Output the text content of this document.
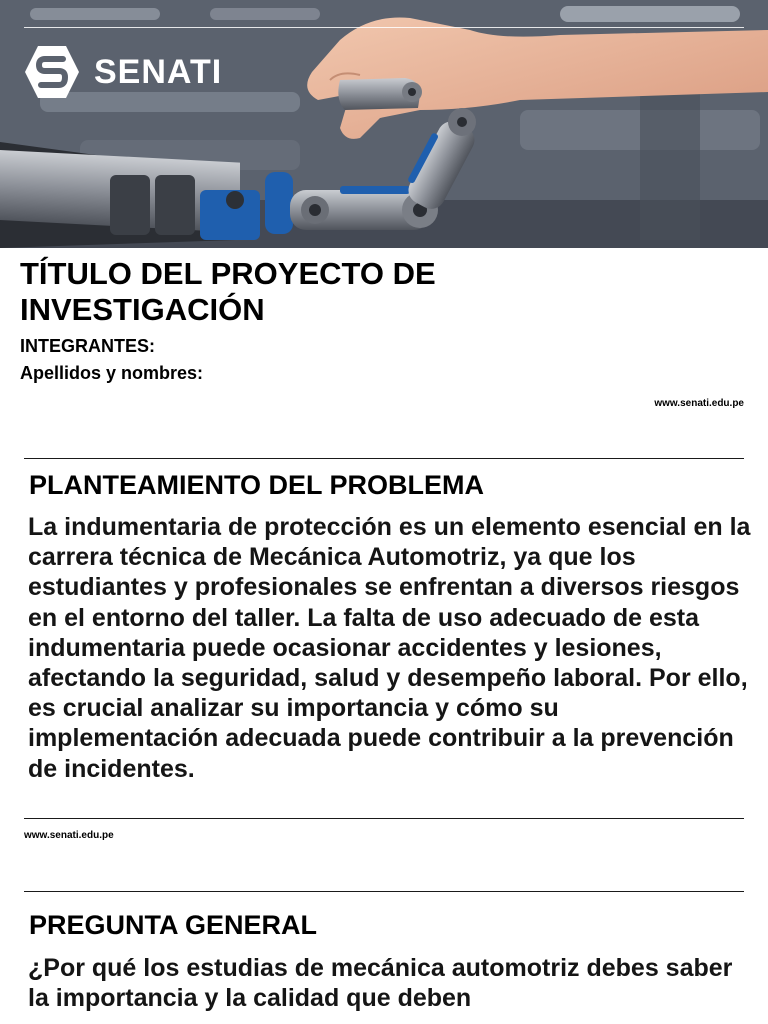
SENATI
TÍTULO DEL PROYECTO DE INVESTIGACIÓN

INTEGRANTES:

Apellidos y nombres:

www.senati.edu.pe
PLANTEAMIENTO DEL PROBLEMA

La indumentaria de protección es un elemento esencial en la carrera técnica de Mecánica Automotriz, ya que los estudiantes y profesionales se enfrentan a diversos riesgos en el entorno del taller. La falta de uso adecuado de esta indumentaria puede ocasionar accidentes y lesiones, afectando la seguridad, salud y desempeño laboral. Por ello, es crucial analizar su importancia y cómo su implementación adecuada puede contribuir a la prevención de incidentes.

www.senati.edu.pe
PREGUNTA GENERAL

¿Por qué los estudias de mecánica automotriz debes saber la importancia y la calidad que deben
